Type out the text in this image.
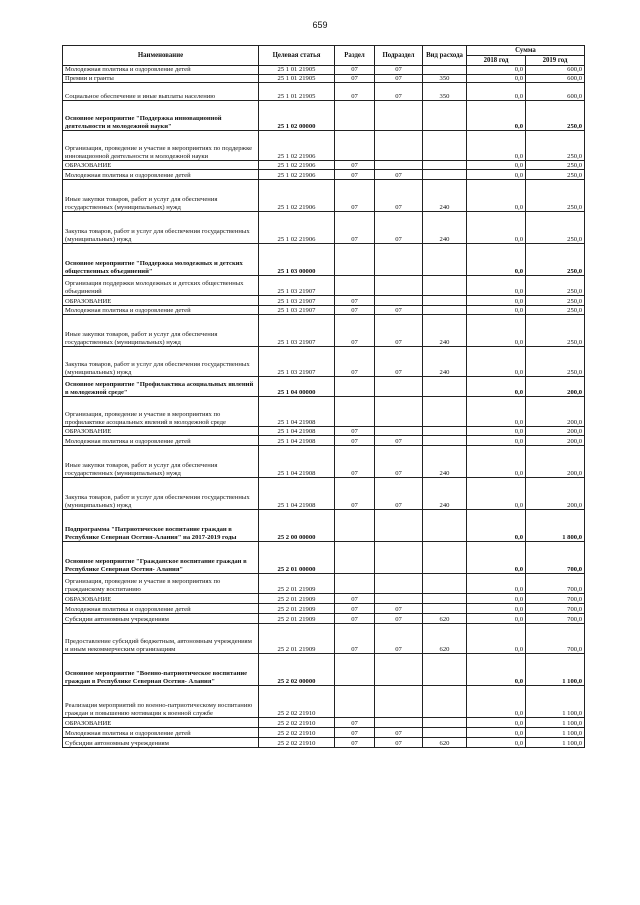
659
Наименование	Целевая статья	Раздел	Подраздел	Вид расхода	Сумма	
					2018 год	2019 год
Молодежная политика и оздоровление детей	25 1 01 21905	07	07		0,0	600,0
Премии и гранты	25 1 01 21905	07	07	350	0,0	600,0
Социальное обеспечение и иные выплаты населению	25 1 01 21905	07	07	350	0,0	600,0
Основное мероприятие "Поддержка инновационной деятельности и молодежной науки"	25 1 02 00000				0,0	250,0
Организация, проведение и участие в мероприятиях по поддержке инновационной деятельности и молодежной науки	25 1 02 21906				0,0	250,0
ОБРАЗОВАНИЕ	25 1 02 21906	07			0,0	250,0
Молодежная политика и оздоровление детей	25 1 02 21906	07	07		0,0	250,0
Иные закупки товаров, работ и услуг для обеспечения государственных (муниципальных) нужд	25 1 02 21906	07	07	240	0,0	250,0
Закупка товаров, работ и услуг для обеспечения государственных (муниципальных) нужд	25 1 02 21906	07	07	240	0,0	250,0
Основное мероприятие "Поддержка молодежных и детских общественных объединений"	25 1 03 00000				0,0	250,0
Организация поддержки молодежных и детских общественных объединений	25 1 03 21907				0,0	250,0
ОБРАЗОВАНИЕ	25 1 03 21907	07			0,0	250,0
Молодежная политика и оздоровление детей	25 1 03 21907	07	07		0,0	250,0
Иные закупки товаров, работ и услуг для обеспечения государственных (муниципальных) нужд	25 1 03 21907	07	07	240	0,0	250,0
Закупка товаров, работ и услуг для обеспечения государственных (муниципальных) нужд	25 1 03 21907	07	07	240	0,0	250,0
Основное мероприятие "Профилактика асоциальных явлений в молодежной среде"	25 1 04 00000				0,0	200,0
Организация, проведение и участие в мероприятиях по профилактике асоциальных явлений в молодежной среде	25 1 04 21908				0,0	200,0
ОБРАЗОВАНИЕ	25 1 04 21908	07			0,0	200,0
Молодежная политика и оздоровление детей	25 1 04 21908	07	07		0,0	200,0
Иные закупки товаров, работ и услуг для обеспечения государственных (муниципальных) нужд	25 1 04 21908	07	07	240	0,0	200,0
Закупка товаров, работ и услуг для обеспечения государственных (муниципальных) нужд	25 1 04 21908	07	07	240	0,0	200,0
Подпрограмма "Патриотическое воспитание граждан в Республике Северная Осетия-Алания" на 2017-2019 годы	25 2 00 00000				0,0	1 800,0
Основное мероприятие "Гражданское воспитание граждан в Республике Северная Осетия- Алания"	25 2 01 00000				0,0	700,0
Организация, проведение и участие в мероприятиях по гражданскому воспитанию	25 2 01 21909				0,0	700,0
ОБРАЗОВАНИЕ	25 2 01 21909	07			0,0	700,0
Молодежная политика и оздоровление детей	25 2 01 21909	07	07		0,0	700,0
Субсидии автономным учреждениям	25 2 01 21909	07	07	620	0,0	700,0
Предоставление субсидий бюджетным, автономным учреждениям и иным некоммерческим организациям	25 2 01 21909	07	07	620	0,0	700,0
Основное мероприятие "Военно-патриотическое воспитание граждан в Республике Северная Осетия- Алания"	25 2 02 00000				0,0	1 100,0
Реализация мероприятий по военно-патриотическому воспитанию граждан и повышению мотивации к военной службе	25 2 02 21910				0,0	1 100,0
ОБРАЗОВАНИЕ	25 2 02 21910	07			0,0	1 100,0
Молодежная политика и оздоровление детей	25 2 02 21910	07	07		0,0	1 100,0
Субсидии автономным учреждениям	25 2 02 21910	07	07	620	0,0	1 100,0
